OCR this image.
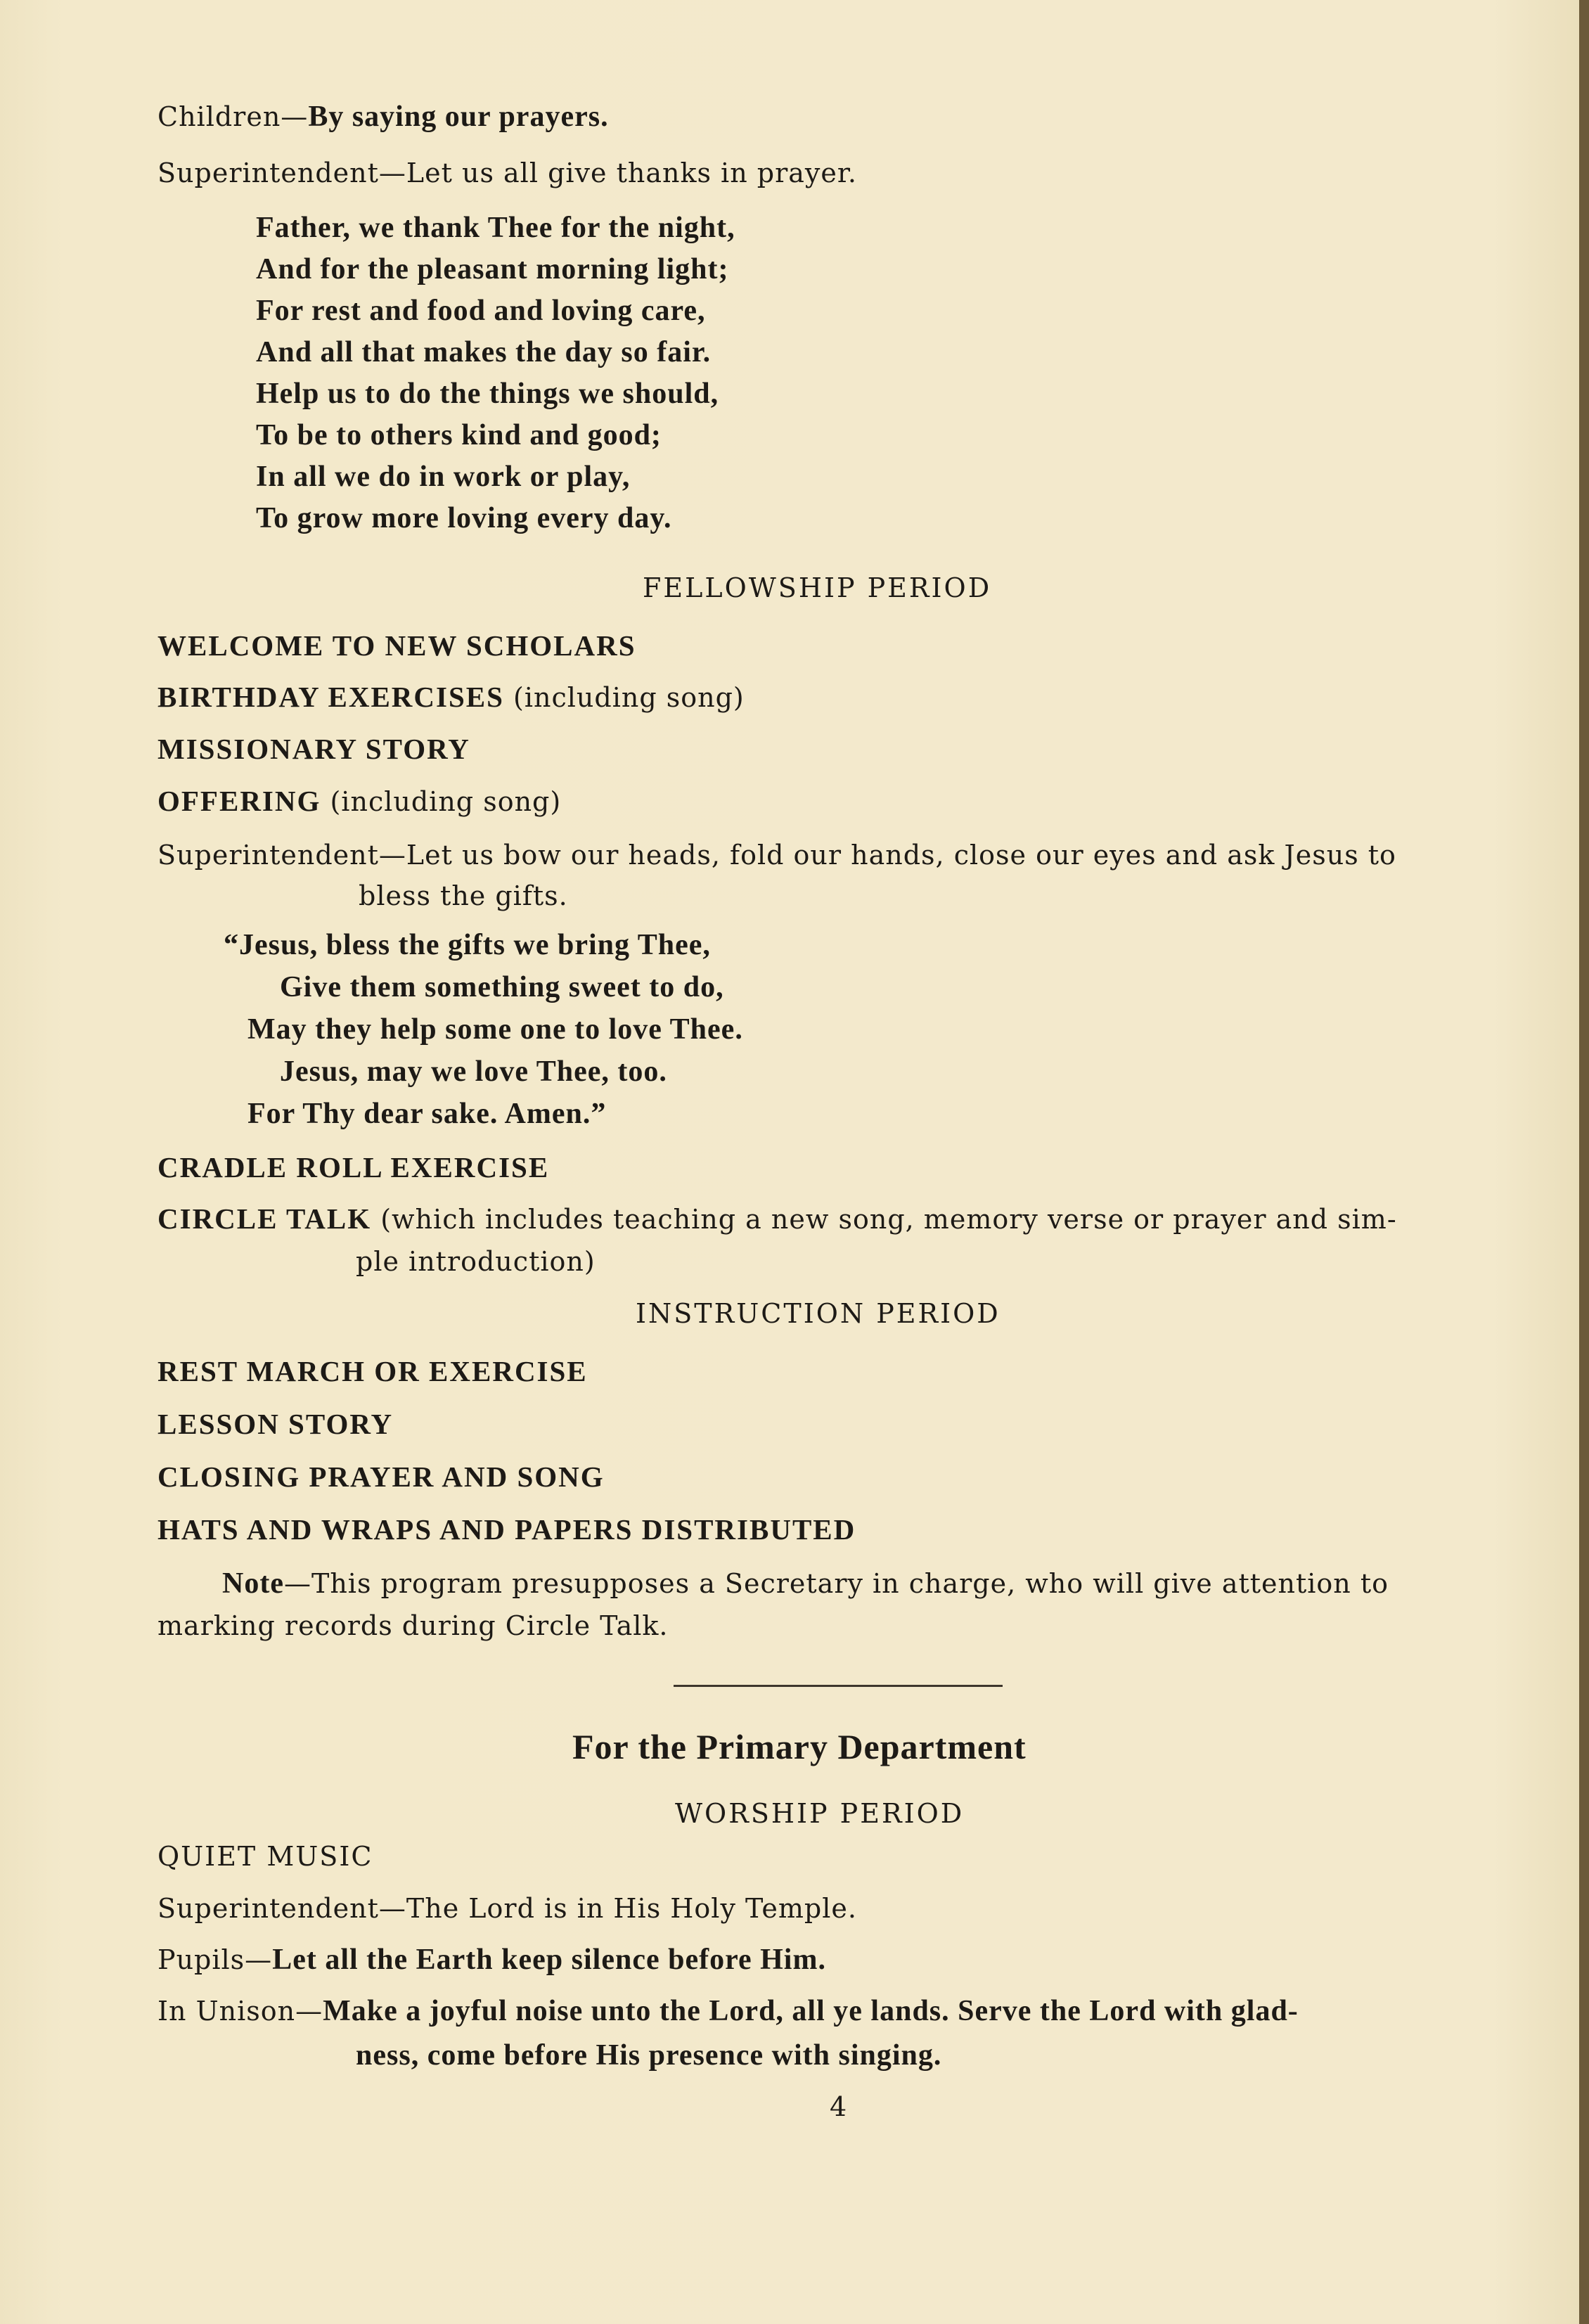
Children—By saying our prayers.
Superintendent—Let us all give thanks in prayer.
Father, we thank Thee for the night,
And for the pleasant morning light;
For rest and food and loving care,
And all that makes the day so fair.
Help us to do the things we should,
To be to others kind and good;
In all we do in work or play,
To grow more loving every day.
FELLOWSHIP PERIOD
WELCOME TO NEW SCHOLARS
BIRTHDAY EXERCISES (including song)
MISSIONARY STORY
OFFERING (including song)
Superintendent—Let us bow our heads, fold our hands, close our eyes and ask Jesus to
bless the gifts.
“Jesus, bless the gifts we bring Thee,
Give them something sweet to do,
May they help some one to love Thee.
Jesus, may we love Thee, too.
For Thy dear sake. Amen.”
CRADLE ROLL EXERCISE
CIRCLE TALK (which includes teaching a new song, memory verse or prayer and sim-
ple introduction)
INSTRUCTION PERIOD
REST MARCH OR EXERCISE
LESSON STORY
CLOSING PRAYER AND SONG
HATS AND WRAPS AND PAPERS DISTRIBUTED
Note—This program presupposes a Secretary in charge, who will give attention to
marking records during Circle Talk.
For the Primary Department
WORSHIP PERIOD
QUIET MUSIC
Superintendent—The Lord is in His Holy Temple.
Pupils—Let all the Earth keep silence before Him.
In Unison—Make a joyful noise unto the Lord, all ye lands. Serve the Lord with glad-
ness, come before His presence with singing.
4
